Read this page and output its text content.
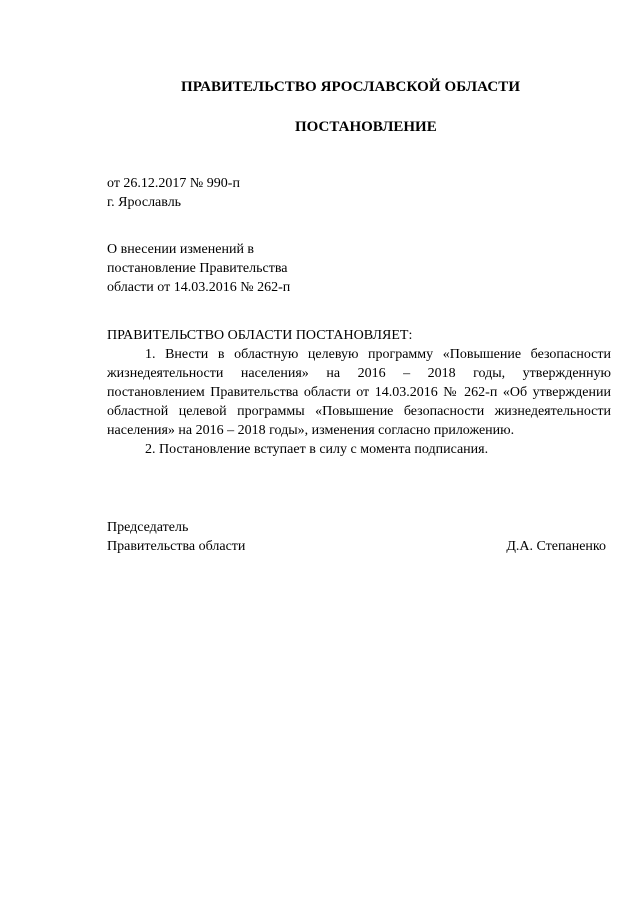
ПРАВИТЕЛЬСТВО ЯРОСЛАВСКОЙ ОБЛАСТИ
ПОСТАНОВЛЕНИЕ
от 26.12.2017 № 990-п
г. Ярославль
О внесении изменений в
постановление Правительства
области от 14.03.2016 № 262-п

ПРАВИТЕЛЬСТВО ОБЛАСТИ ПОСТАНОВЛЯЕТ:

1. Внести в областную целевую программу «Повышение безопасности жизнедеятельности населения» на 2016 – 2018 годы, утвержденную постановлением Правительства области от 14.03.2016 № 262-п «Об утверждении областной целевой программы «Повышение безопасности жизнедеятельности населения» на 2016 – 2018 годы», изменения согласно приложению.

2. Постановление вступает в силу с момента подписания.

Председатель
Правительства области	Д.А. Степаненко
